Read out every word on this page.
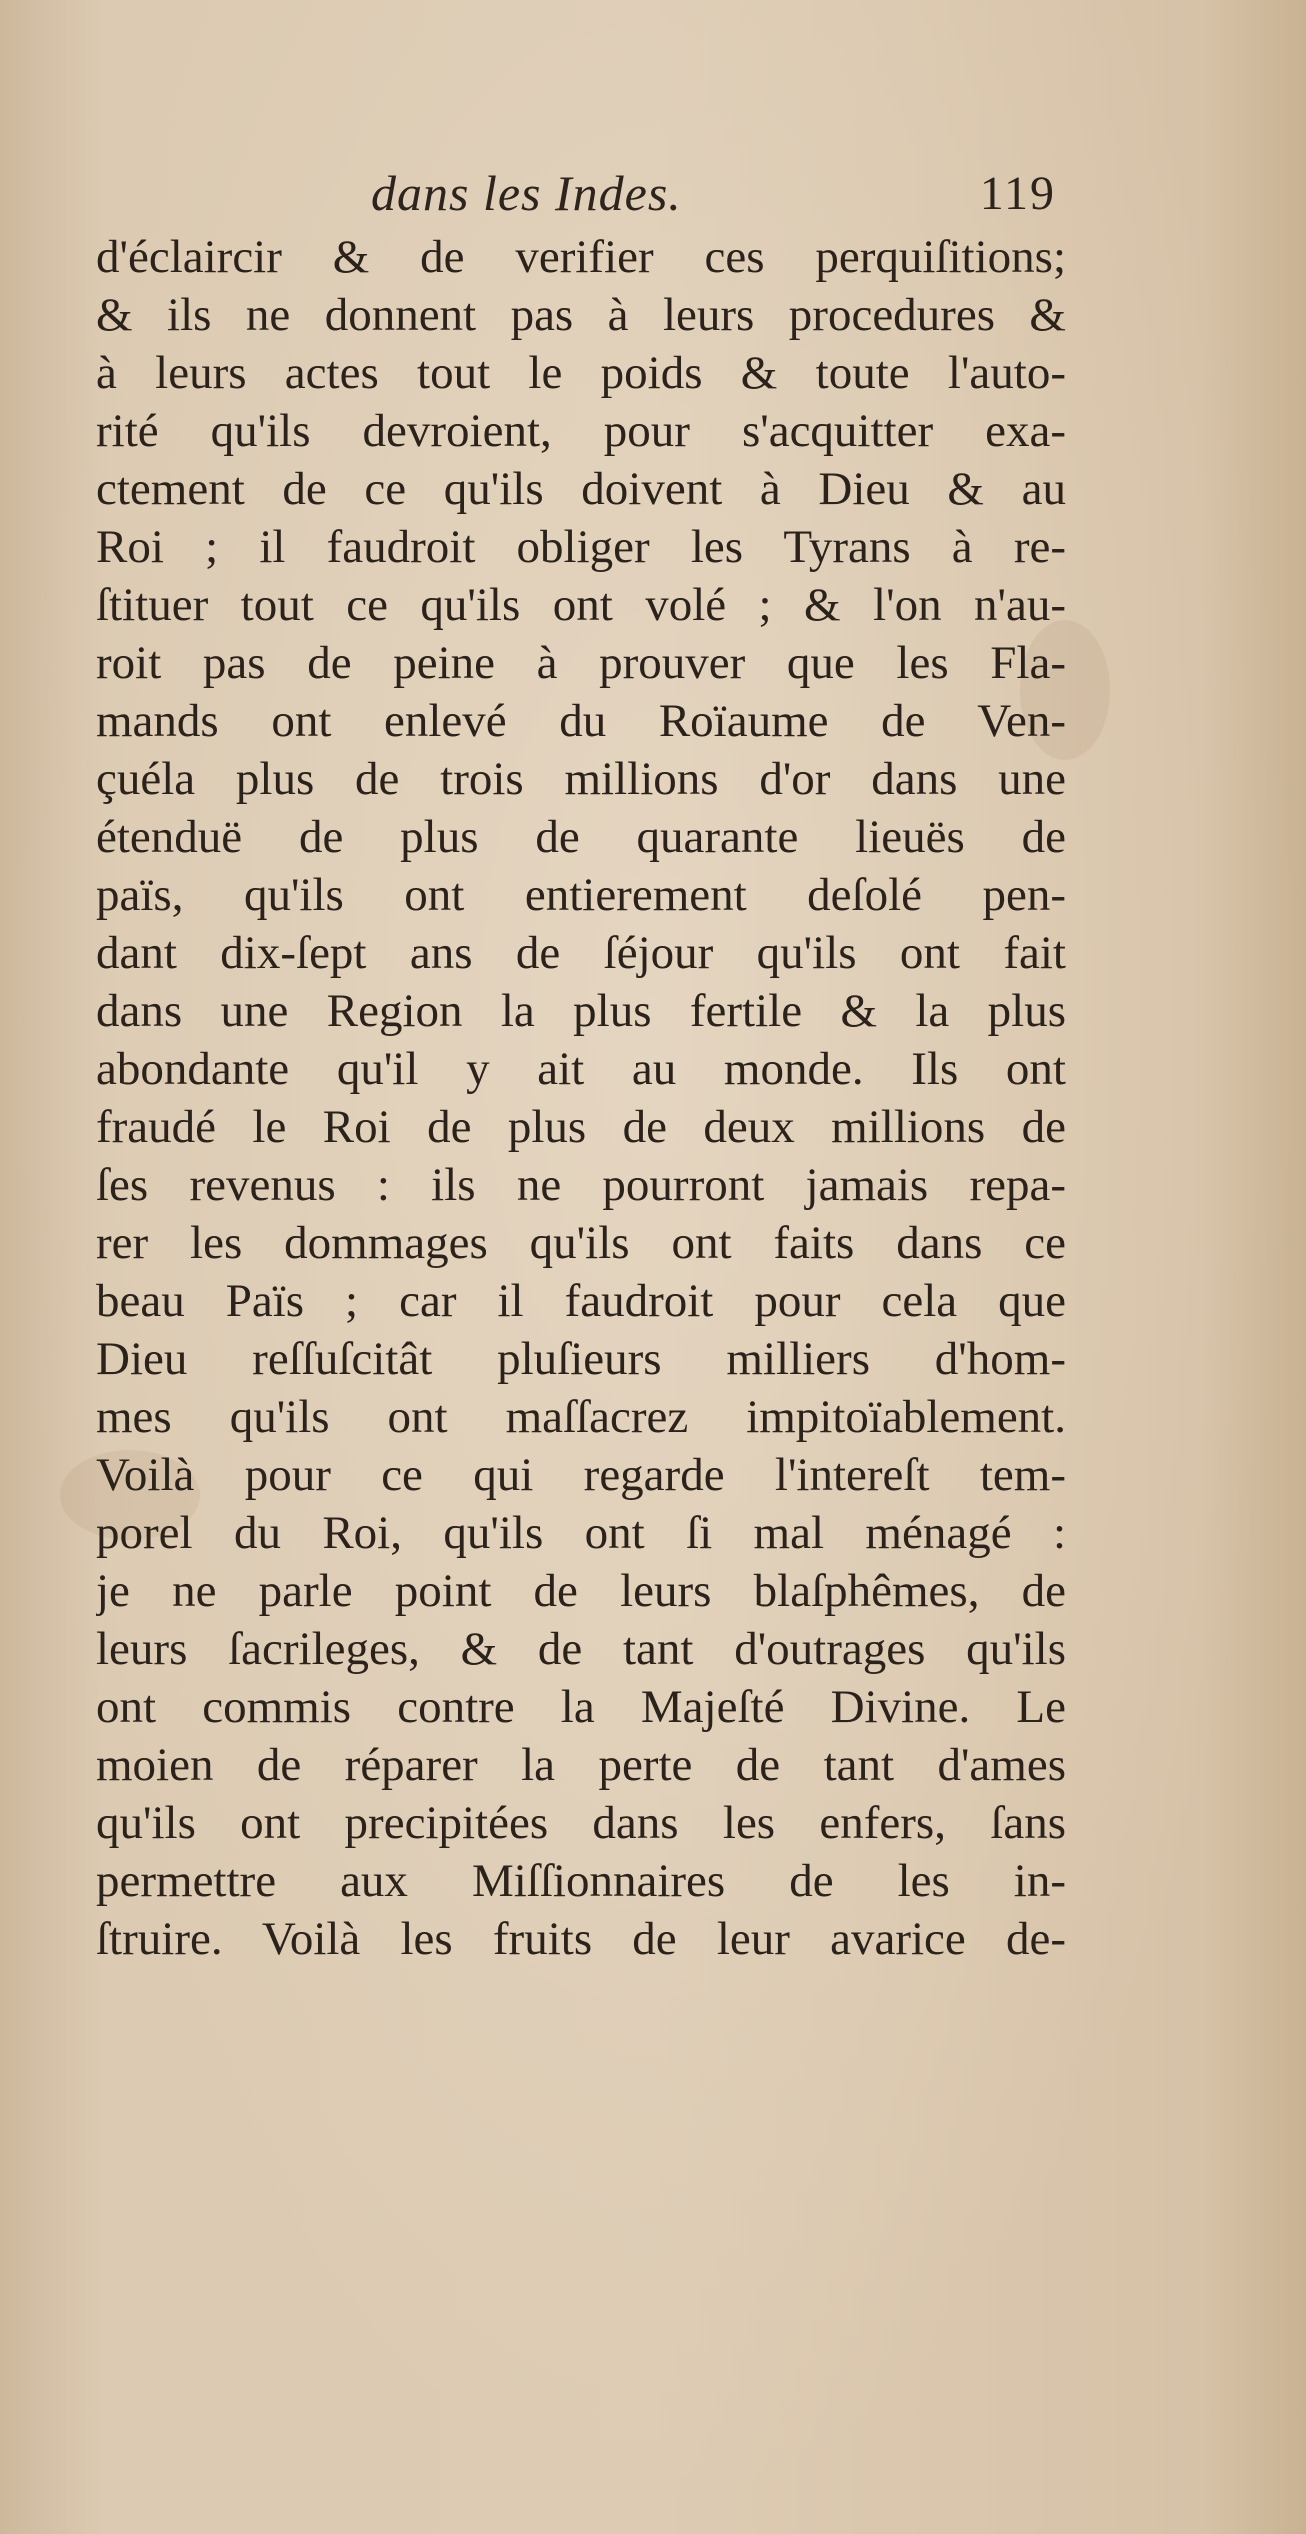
dans les Indes.	119
d'éclaircir & de verifier ces perquiſitions;
& ils ne donnent pas à leurs procedures &
à leurs actes tout le poids & toute l'auto-
rité qu'ils devroient, pour s'acquitter exa-
ctement de ce qu'ils doivent à Dieu & au
Roi ; il faudroit obliger les Tyrans à re-
ſtituer tout ce qu'ils ont volé ; & l'on n'au-
roit pas de peine à prouver que les Fla-
mands ont enlevé du Roïaume de Ven-
çuéla plus de trois millions d'or dans une
étenduë de plus de quarante lieuës de
païs, qu'ils ont entierement deſolé pen-
dant dix-ſept ans de ſéjour qu'ils ont fait
dans une Region la plus fertile & la plus
abondante qu'il y ait au monde. Ils ont
fraudé le Roi de plus de deux millions de
ſes revenus : ils ne pourront jamais repa-
rer les dommages qu'ils ont faits dans ce
beau Païs ; car il faudroit pour cela que
Dieu reſſuſcitât pluſieurs milliers d'hom-
mes qu'ils ont maſſacrez impitoïablement.
Voilà pour ce qui regarde l'intereſt tem-
porel du Roi, qu'ils ont ſi mal ménagé :
je ne parle point de leurs blaſphêmes, de
leurs ſacrileges, & de tant d'outrages qu'ils
ont commis contre la Majeſté Divine. Le
moien de réparer la perte de tant d'ames
qu'ils ont precipitées dans les enfers, ſans
permettre aux Miſſionnaires de les in-
ſtruire. Voilà les fruits de leur avarice de-
